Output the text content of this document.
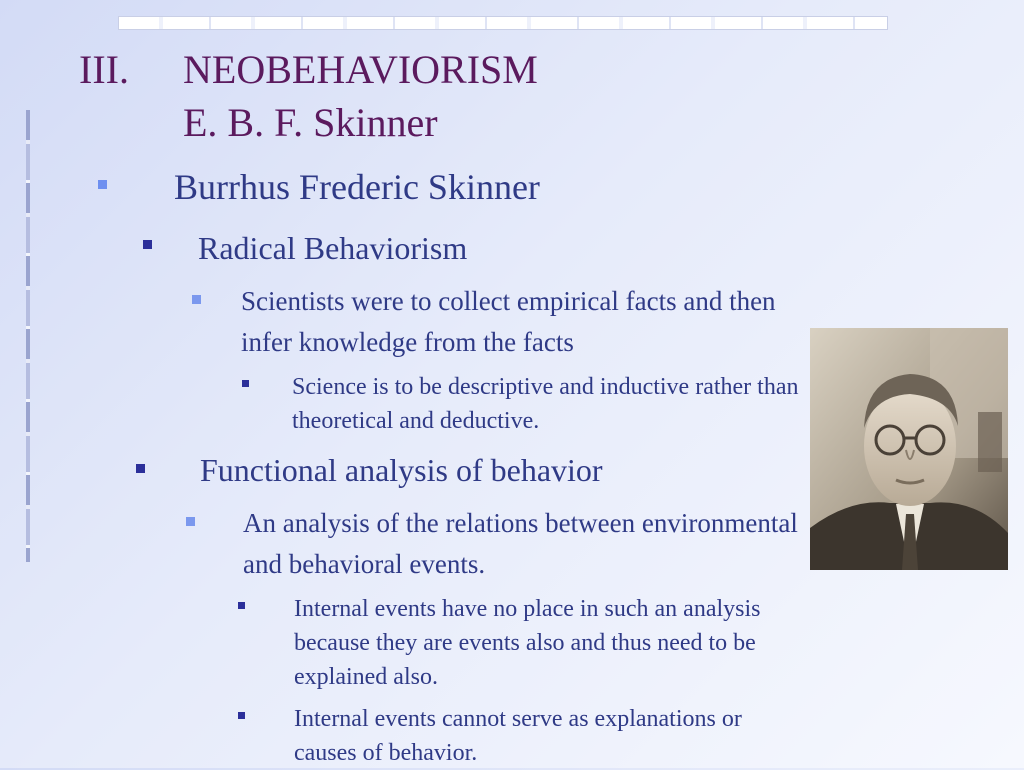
III. NEOBEHAVIORISM
E. B. F. Skinner
Burrhus Frederic Skinner
Radical Behaviorism
Scientists were to collect empirical facts and then infer knowledge from the facts
Science is to be descriptive and inductive rather than theoretical and deductive.
Functional analysis of behavior
An analysis of the relations between environmental and behavioral events.
Internal events have no place in such an analysis because they are events also and thus need to be explained also.
Internal events cannot serve as explanations or causes of behavior.
